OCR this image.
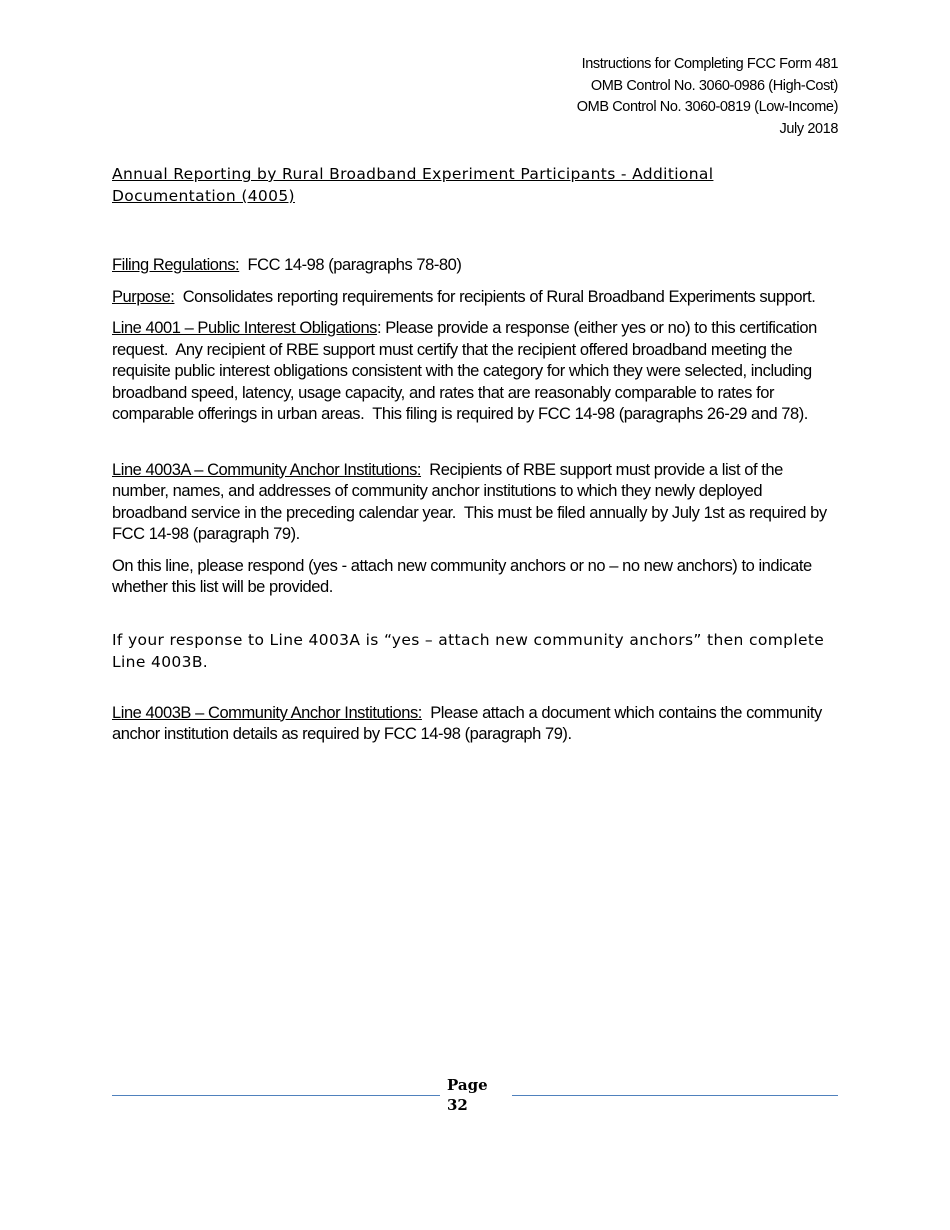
Instructions for Completing FCC Form 481
OMB Control No. 3060-0986 (High-Cost)
OMB Control No. 3060-0819 (Low-Income)
July 2018
Annual Reporting by Rural Broadband Experiment Participants - Additional Documentation (4005)

Filing Regulations:  FCC 14-98 (paragraphs 78-80)

Purpose:  Consolidates reporting requirements for recipients of Rural Broadband Experiments support.

Line 4001 – Public Interest Obligations: Please provide a response (either yes or no) to this certification request.  Any recipient of RBE support must certify that the recipient offered broadband meeting the requisite public interest obligations consistent with the category for which they were selected, including broadband speed, latency, usage capacity, and rates that are reasonably comparable to rates for comparable offerings in urban areas.  This filing is required by FCC 14-98 (paragraphs 26-29 and 78).

Line 4003A – Community Anchor Institutions:  Recipients of RBE support must provide a list of the number, names, and addresses of community anchor institutions to which they newly deployed broadband service in the preceding calendar year.  This must be filed annually by July 1st as required by FCC 14-98 (paragraph 79).

On this line, please respond (yes - attach new community anchors or no – no new anchors) to indicate whether this list will be provided.

If your response to Line 4003A is “yes – attach new community anchors” then complete Line 4003B.

Line 4003B – Community Anchor Institutions:  Please attach a document which contains the community anchor institution details as required by FCC 14-98 (paragraph 79).

Page
32
